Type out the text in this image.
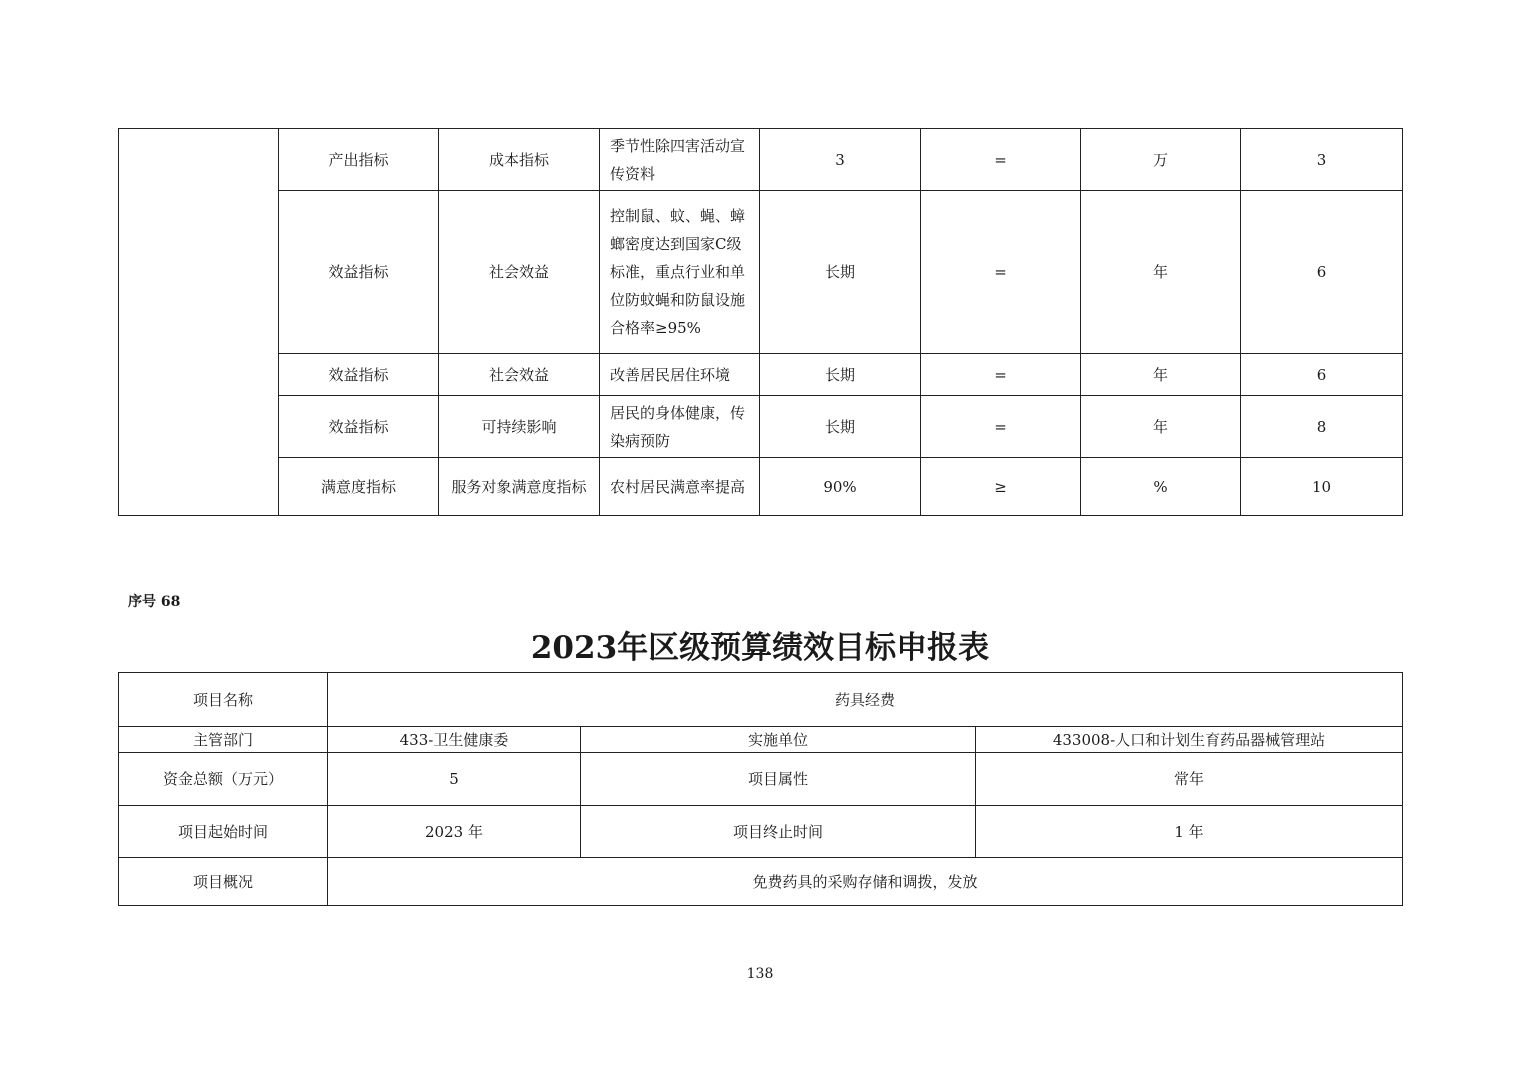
	产出指标	成本指标	季节性除四害活动宣传资料	3	=	万	3
	效益指标	社会效益	控制鼠、蚊、蝇、蟑螂密度达到国家C级标准，重点行业和单位防蚊蝇和防鼠设施合格率≥95%	长期	=	年	6
	效益指标	社会效益	改善居民居住环境	长期	=	年	6
	效益指标	可持续影响	居民的身体健康，传染病预防	长期	=	年	8
	满意度指标	服务对象满意度指标	农村居民满意率提高	90%	≥	%	10
序号 68
2023年区级预算绩效目标申报表
项目名称	药具经费		
主管部门	433-卫生健康委	实施单位	433008-人口和计划生育药品器械管理站
资金总额（万元）	5	项目属性	常年
项目起始时间	2023 年	项目终止时间	1 年
项目概况	免费药具的采购存储和调拨，发放		
138
